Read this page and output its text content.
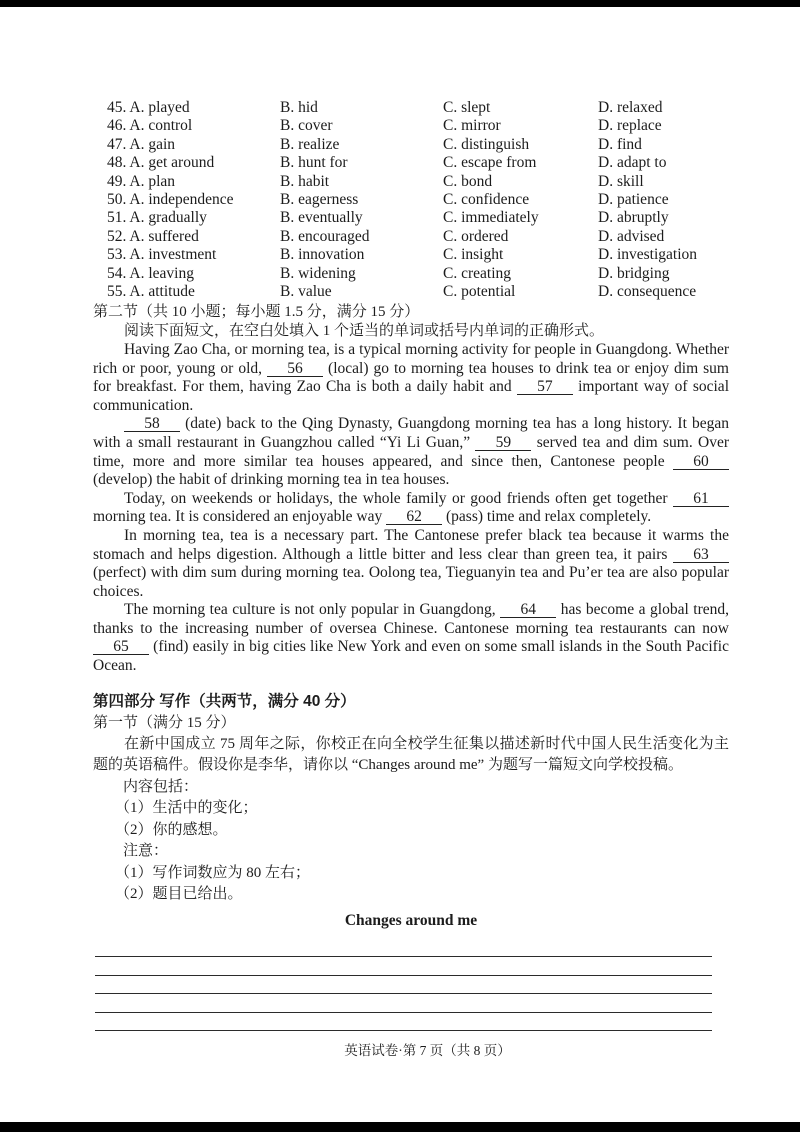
45. A. played	B. hid	C. slept	D. relaxed
46. A. control	B. cover	C. mirror	D. replace
47. A. gain	B. realize	C. distinguish	D. find
48. A. get around	B. hunt for	C. escape from	D. adapt to
49. A. plan	B. habit	C. bond	D. skill
50. A. independence	B. eagerness	C. confidence	D. patience
51. A. gradually	B. eventually	C. immediately	D. abruptly
52. A. suffered	B. encouraged	C. ordered	D. advised
53. A. investment	B. innovation	C. insight	D. investigation
54. A. leaving	B. widening	C. creating	D. bridging
55. A. attitude	B. value	C. potential	D. consequence
第二节（共 10 小题；每小题 1.5 分，满分 15 分）
阅读下面短文，在空白处填入 1 个适当的单词或括号内单词的正确形式。

Having Zao Cha, or morning tea, is a typical morning activity for people in Guangdong. Whether rich or poor, young or old, 56 (local) go to morning tea houses to drink tea or enjoy dim sum for breakfast. For them, having Zao Cha is both a daily habit and 57 important way of social communication.

58 (date) back to the Qing Dynasty, Guangdong morning tea has a long history. It began with a small restaurant in Guangzhou called “Yi Li Guan,” 59 served tea and dim sum. Over time, more and more similar tea houses appeared, and since then, Cantonese people 60 (develop) the habit of drinking morning tea in tea houses.

Today, on weekends or holidays, the whole family or good friends often get together 61 morning tea. It is considered an enjoyable way 62 (pass) time and relax completely.

In morning tea, tea is a necessary part. The Cantonese prefer black tea because it warms the stomach and helps digestion. Although a little bitter and less clear than green tea, it pairs 63 (perfect) with dim sum during morning tea. Oolong tea, Tieguanyin tea and Pu’er tea are also popular choices.

The morning tea culture is not only popular in Guangdong, 64 has become a global trend, thanks to the increasing number of oversea Chinese. Cantonese morning tea restaurants can now 65 (find) easily in big cities like New York and even on some small islands in the South Pacific Ocean.

第四部分 写作（共两节，满分 40 分）
第一节（满分 15 分）
在新中国成立 75 周年之际，你校正在向全校学生征集以描述新时代中国人民生活变化为主题的英语稿件。假设你是李华，请你以 “Changes around me” 为题写一篇短文向学校投稿。
内容包括：
（1）生活中的变化；
（2）你的感想。
注意：
（1）写作词数应为 80 左右；
（2）题目已给出。
Changes around me
英语试卷·第 7 页（共 8 页）
